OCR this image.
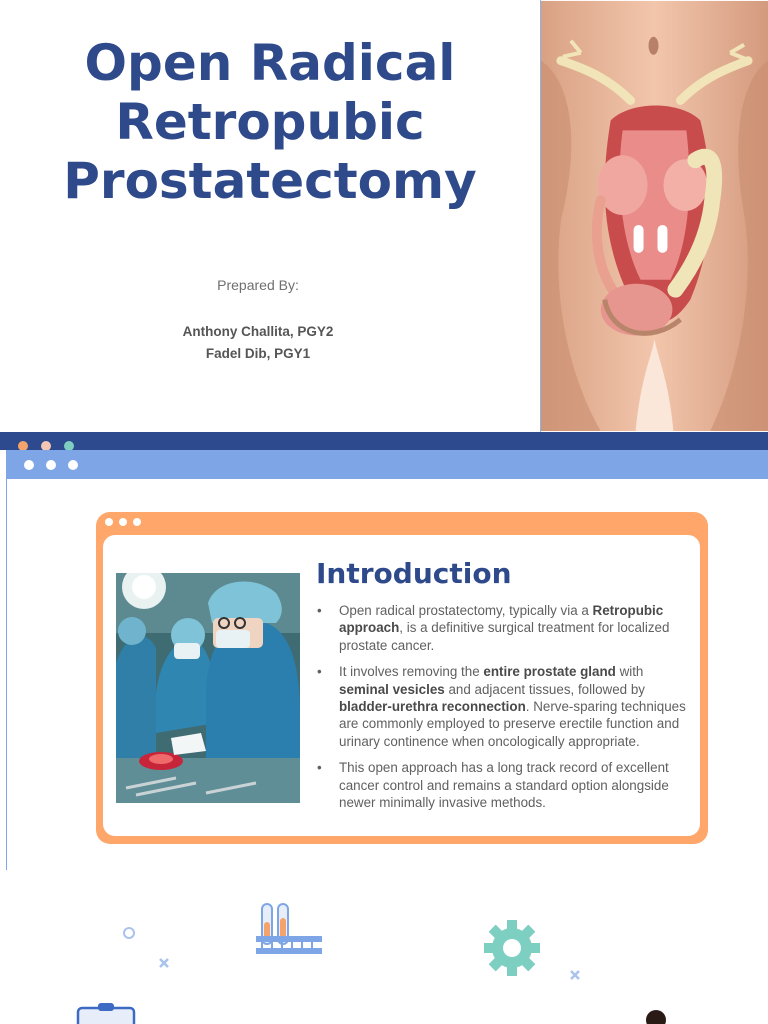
Open Radical
Retropubic
Prostatectomy
Prepared By:
Anthony Challita, PGY2
Fadel Dib, PGY1
Introduction
• Open radical prostatectomy, typically via a Retropubic approach, is a definitive surgical treatment for localized prostate cancer.
• It involves removing the entire prostate gland with seminal vesicles and adjacent tissues, followed by bladder-urethra reconnection. Nerve-sparing techniques are commonly employed to preserve erectile function and urinary continence when oncologically appropriate.
• This open approach has a long track record of excellent cancer control and remains a standard option alongside newer minimally invasive methods.
